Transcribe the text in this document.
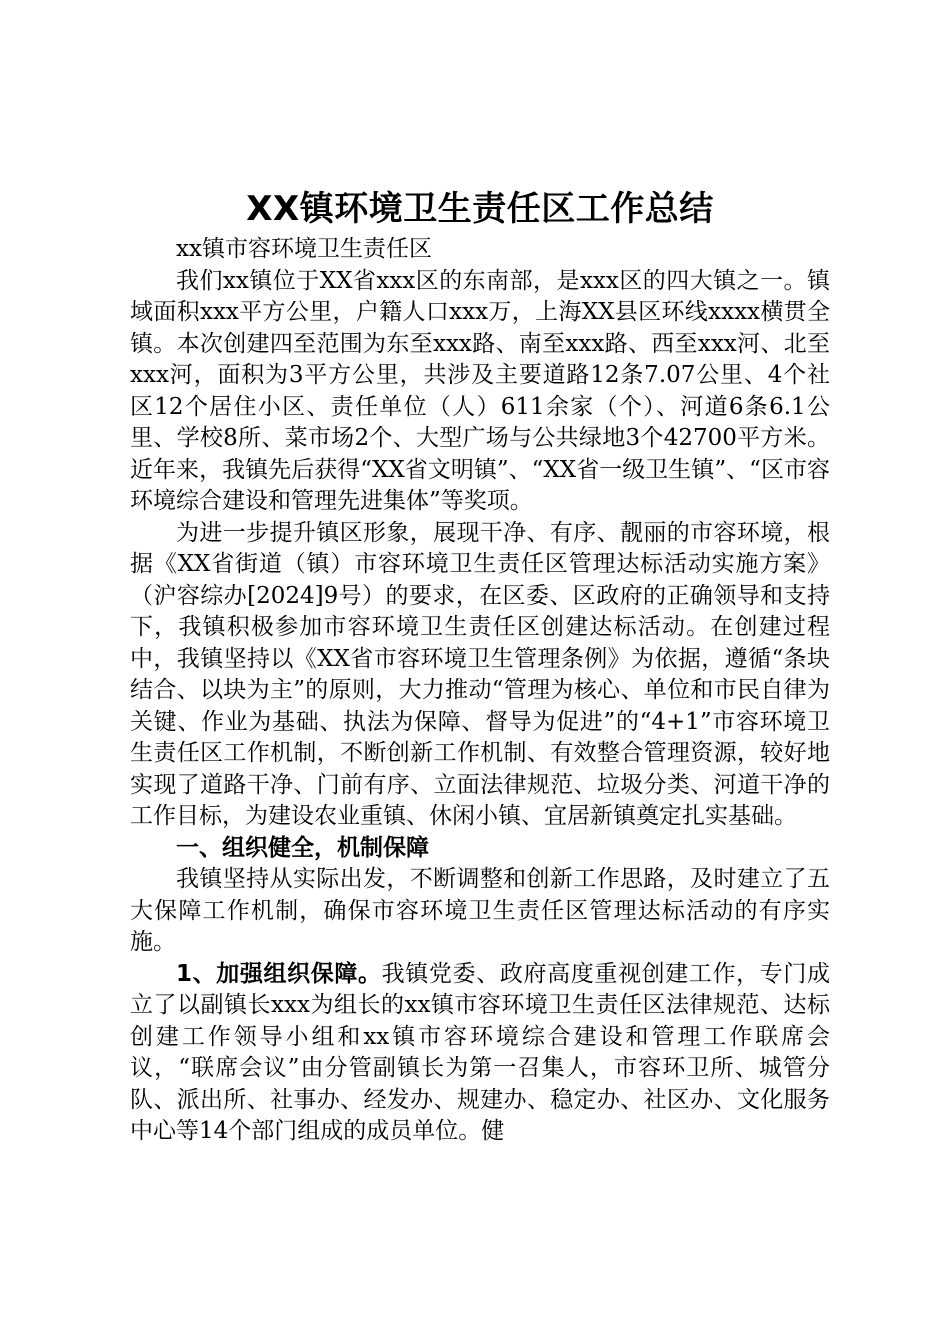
XX镇环境卫生责任区工作总结

xx镇市容环境卫生责任区

我们xx镇位于XX省xxx区的东南部，是xxx区的四大镇之一。镇域面积xxx平方公里，户籍人口xxx万，上海XX县区环线xxxx横贯全镇。本次创建四至范围为东至xxx路、南至xxx路、西至xxx河、北至xxx河，面积为3平方公里，共涉及主要道路12条7.07公里、4个社区12个居住小区、责任单位（人）611余家（个）、河道6条6.1公里、学校8所、菜市场2个、大型广场与公共绿地3个42700平方米。近年来，我镇先后获得“XX省文明镇”、“XX省一级卫生镇”、“区市容环境综合建设和管理先进集体”等奖项。

为进一步提升镇区形象，展现干净、有序、靓丽的市容环境，根据《XX省街道（镇）市容环境卫生责任区管理达标活动实施方案》（沪容综办[2024]9号）的要求，在区委、区政府的正确领导和支持下，我镇积极参加市容环境卫生责任区创建达标活动。在创建过程中，我镇坚持以《XX省市容环境卫生管理条例》为依据，遵循“条块结合、以块为主”的原则，大力推动“管理为核心、单位和市民自律为关键、作业为基础、执法为保障、督导为促进”的“4+1”市容环境卫生责任区工作机制，不断创新工作机制、有效整合管理资源，较好地实现了道路干净、门前有序、立面法律规范、垃圾分类、河道干净的工作目标，为建设农业重镇、休闲小镇、宜居新镇奠定扎实基础。

一、组织健全，机制保障

我镇坚持从实际出发，不断调整和创新工作思路，及时建立了五大保障工作机制，确保市容环境卫生责任区管理达标活动的有序实施。

1、加强组织保障。我镇党委、政府高度重视创建工作，专门成立了以副镇长xxx为组长的xx镇市容环境卫生责任区法律规范、达标创建工作领导小组和xx镇市容环境综合建设和管理工作联席会议，“联席会议”由分管副镇长为第一召集人，市容环卫所、城管分队、派出所、社事办、经发办、规建办、稳定办、社区办、文化服务中心等14个部门组成的成员单位。健
